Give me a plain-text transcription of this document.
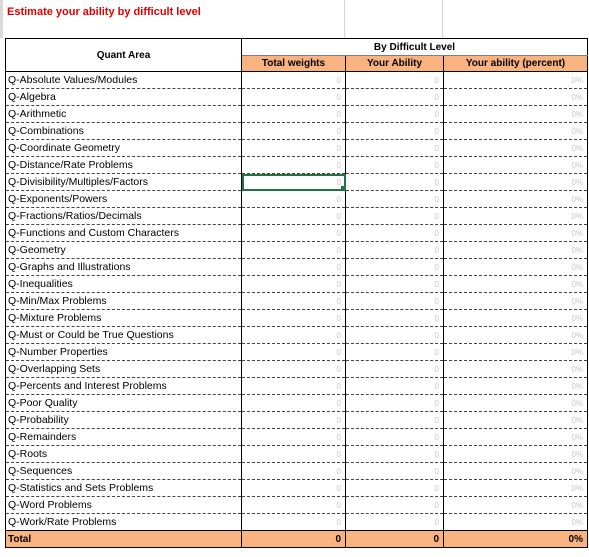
Estimate your ability by difficult level
Quant Area	By Difficult Level		
	Total weights	Your Ability	Your ability (percent)
Q-Absolute Values/Modules	0	0	0%
Q-Algebra	0	0	0%
Q-Arithmetic	0	0	0%
Q-Combinations	0	0	0%
Q-Coordinate Geometry	0	0	0%
Q-Distance/Rate Problems	0	0	0%
Q-Divisibility/Multiples/Factors	0	0	0%
Q-Exponents/Powers	0	0	0%
Q-Fractions/Ratios/Decimals	0	0	0%
Q-Functions and Custom Characters	0	0	0%
Q-Geometry	0	0	0%
Q-Graphs and Illustrations	0	0	0%
Q-Inequalities	0	0	0%
Q-Min/Max Problems	0	0	0%
Q-Mixture Problems	0	0	0%
Q-Must or Could be True Questions	0	0	0%
Q-Number Properties	0	0	0%
Q-Overlapping Sets	0	0	0%
Q-Percents and Interest Problems	0	0	0%
Q-Poor Quality	0	0	0%
Q-Probability	0	0	0%
Q-Remainders	0	0	0%
Q-Roots	0	0	0%
Q-Sequences	0	0	0%
Q-Statistics and Sets Problems	0	0	0%
Q-Word Problems	0	0	0%
Q-Work/Rate Problems	0	0	0%
Total	0	0	0%
